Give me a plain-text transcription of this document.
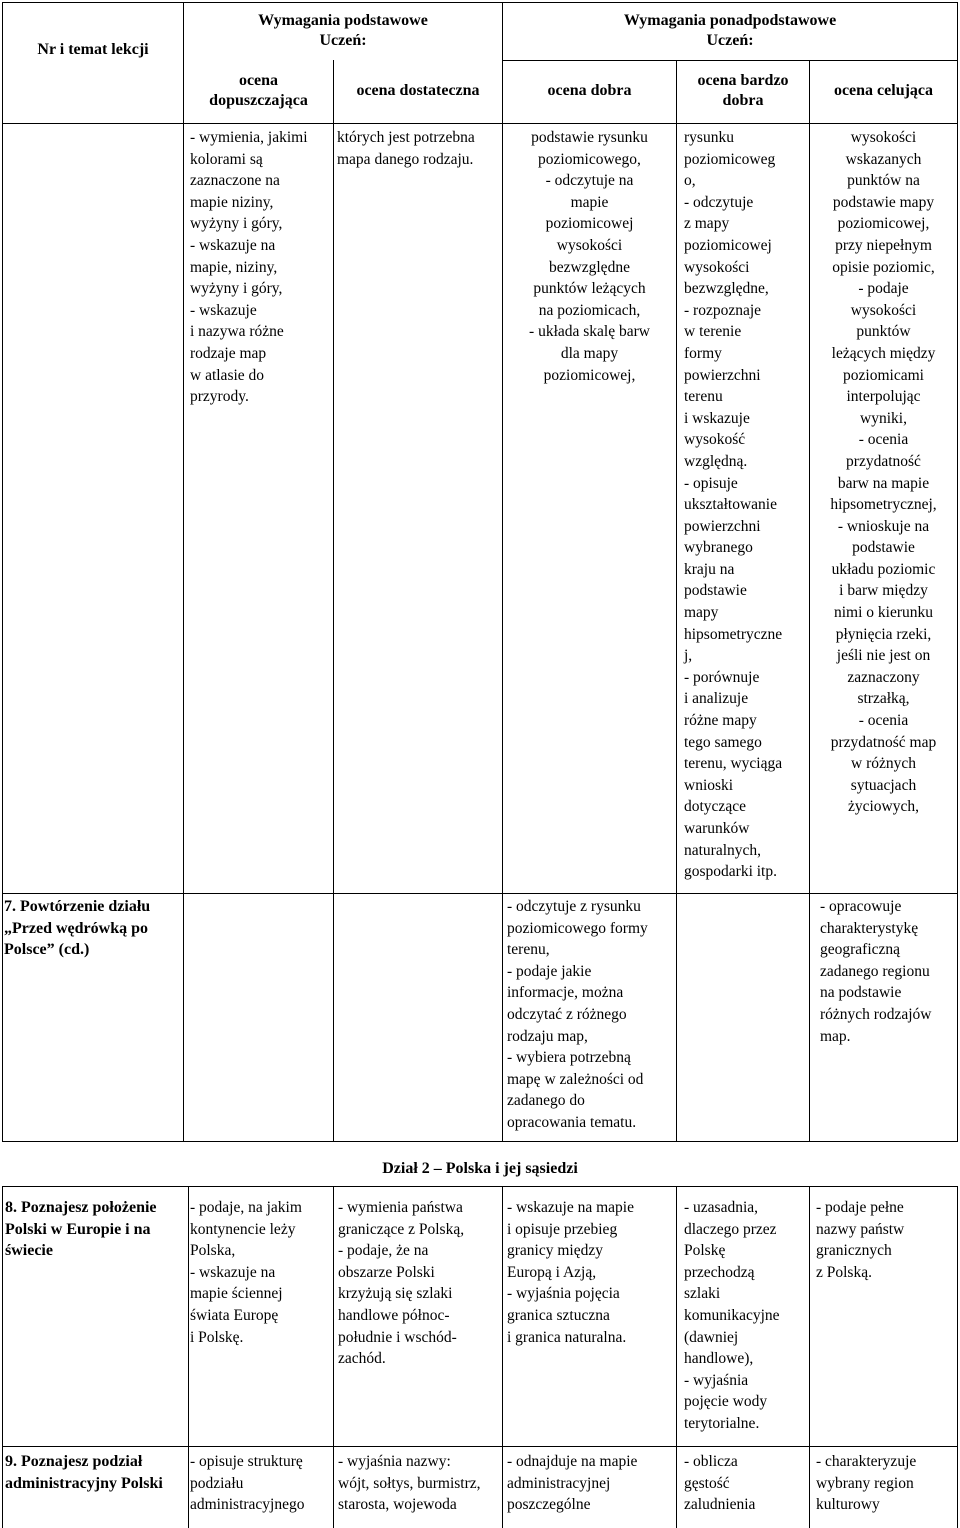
Nr i temat lekcji
Wymagania podstawowe
Uczeń:
Wymagania ponadpodstawowe
Uczeń:
ocena
dopuszczająca
ocena dostateczna	ocena dobra
ocena bardzo
dobra
ocena celująca
- wymienia, jakimi
kolorami są
zaznaczone na
mapie niziny,
wyżyny i góry,
- wskazuje na
mapie, niziny,
wyżyny i góry,
- wskazuje
i nazywa różne
rodzaje map
w atlasie do
przyrody.
których jest potrzebna
mapa danego rodzaju.
podstawie rysunku
poziomicowego,
- odczytuje na
mapie
poziomicowej
wysokości
bezwzględne
punktów leżących
na poziomicach,
- układa skalę barw
dla mapy
poziomicowej,
rysunku
poziomicoweg
o,
- odczytuje
z mapy
poziomicowej
wysokości
bezwzględne,
- rozpoznaje
w terenie
formy
powierzchni
terenu
i wskazuje
wysokość
względną.
- opisuje
ukształtowanie
powierzchni
wybranego
kraju na
podstawie
mapy
hipsometryczne
j,
- porównuje
i analizuje
różne mapy
tego samego
terenu, wyciąga
wnioski
dotyczące
warunków
naturalnych,
gospodarki itp.
wysokości
wskazanych
punktów na
podstawie mapy
poziomicowej,
przy niepełnym
opisie poziomic,
- podaje
wysokości
punktów
leżących między
poziomicami
interpolując
wyniki,
- ocenia
przydatność
barw na mapie
hipsometrycznej,
- wnioskuje na
podstawie
układu poziomic
i barw między
nimi o kierunku
płynięcia rzeki,
jeśli nie jest on
zaznaczony
strzałką,
- ocenia
przydatność map
w różnych
sytuacjach
życiowych,
7. Powtórzenie działu
„Przed wędrówką po
Polsce” (cd.)
- odczytuje z rysunku
poziomicowego formy
terenu,
- podaje jakie
informacje, można
odczytać z różnego
rodzaju map,
- wybiera potrzebną
mapę w zależności od
zadanego do
opracowania tematu.
- opracowuje
charakterystykę
geograficzną
zadanego regionu
na podstawie
różnych rodzajów
map.
Dział 2 – Polska i jej sąsiedzi
8. Poznajesz położenie
Polski w Europie i na
świecie
- podaje, na jakim
kontynencie leży
Polska,
- wskazuje na
mapie ściennej
świata Europę
i Polskę.
- wymienia państwa
graniczące z Polską,
- podaje, że na
obszarze Polski
krzyżują się szlaki
handlowe północ-
południe i wschód-
zachód.
- wskazuje na mapie
i opisuje przebieg
granicy między
Europą i Azją,
- wyjaśnia pojęcia
granica sztuczna
i granica naturalna.
- uzasadnia,
dlaczego przez
Polskę
przechodzą
szlaki
komunikacyjne
(dawniej
handlowe),
- wyjaśnia
pojęcie wody
terytorialne.
- podaje pełne
nazwy państw
granicznych
z Polską.
9. Poznajesz podział
administracyjny Polski
- opisuje strukturę
podziału
administracyjnego
- wyjaśnia nazwy:
wójt, sołtys, burmistrz,
starosta, wojewoda
- odnajduje na mapie
administracyjnej
poszczególne
- oblicza
gęstość
zaludnienia
- charakteryzuje
wybrany region
kulturowy
